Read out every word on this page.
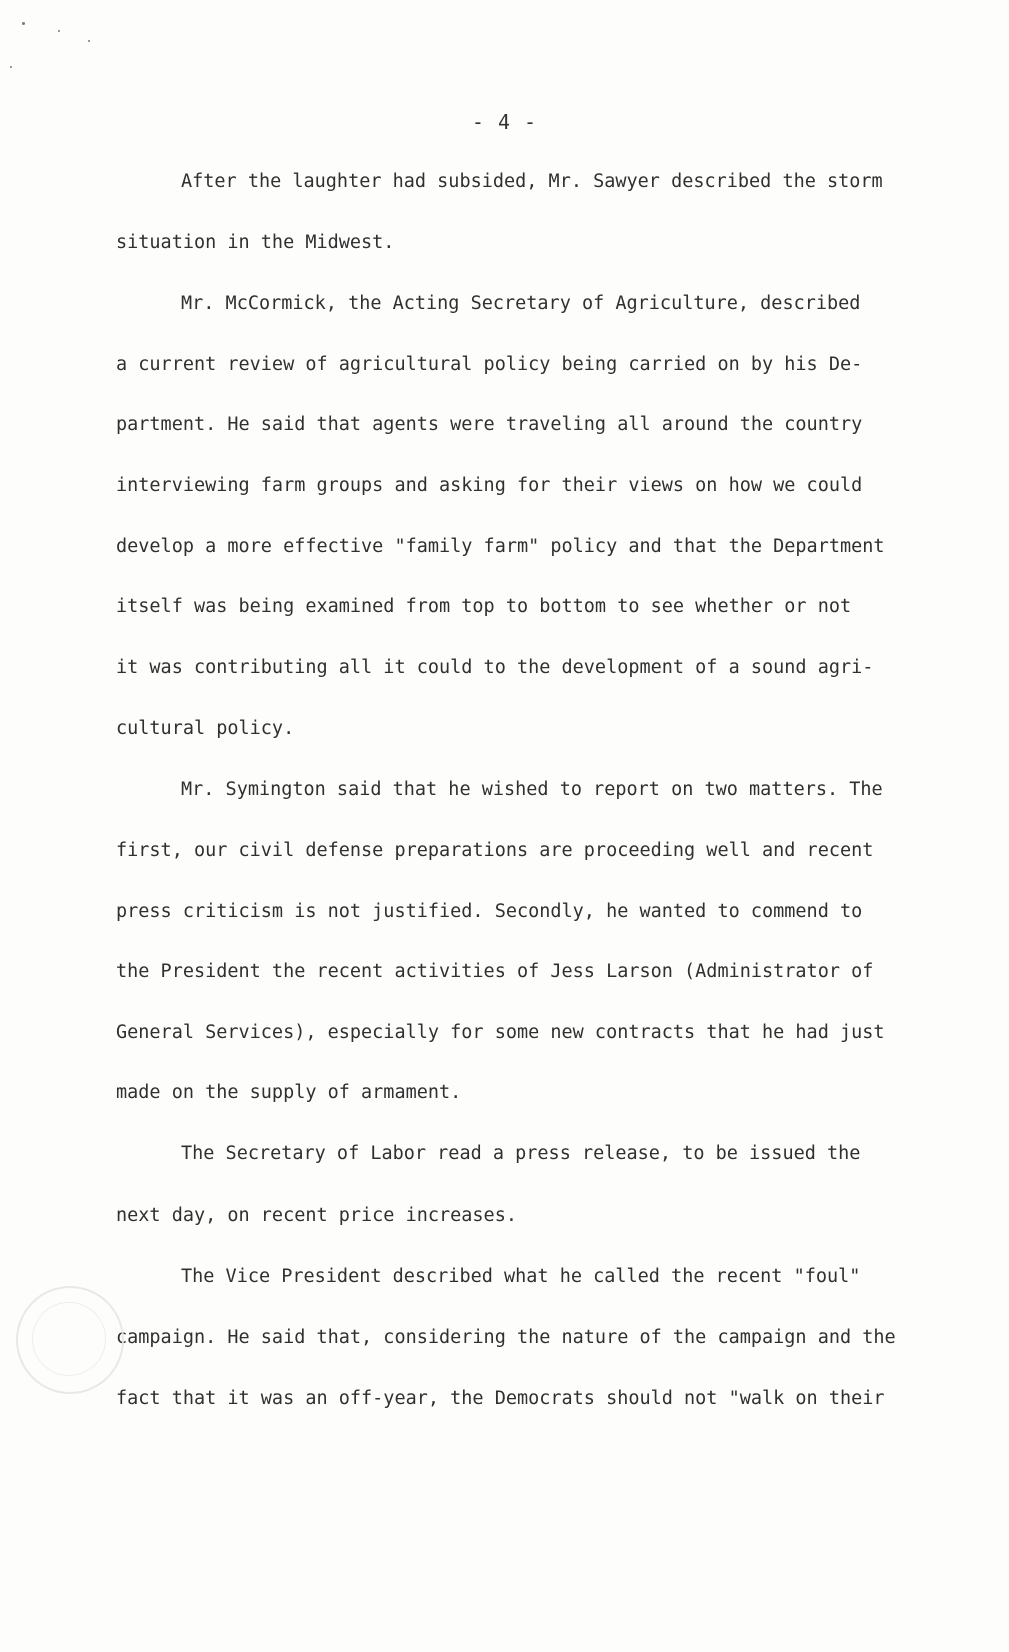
- 4 -
After the laughter had subsided, Mr. Sawyer described the storm
situation in the Midwest.
Mr. McCormick, the Acting Secretary of Agriculture, described
a current review of agricultural policy being carried on by his De-
partment. He said that agents were traveling all around the country
interviewing farm groups and asking for their views on how we could
develop a more effective "family farm" policy and that the Department
itself was being examined from top to bottom to see whether or not
it was contributing all it could to the development of a sound agri-
cultural policy.
Mr. Symington said that he wished to report on two matters. The
first, our civil defense preparations are proceeding well and recent
press criticism is not justified. Secondly, he wanted to commend to
the President the recent activities of Jess Larson (Administrator of
General Services), especially for some new contracts that he had just
made on the supply of armament.
The Secretary of Labor read a press release, to be issued the
next day, on recent price increases.
The Vice President described what he called the recent "foul"
campaign. He said that, considering the nature of the campaign and the
fact that it was an off-year, the Democrats should not "walk on their
